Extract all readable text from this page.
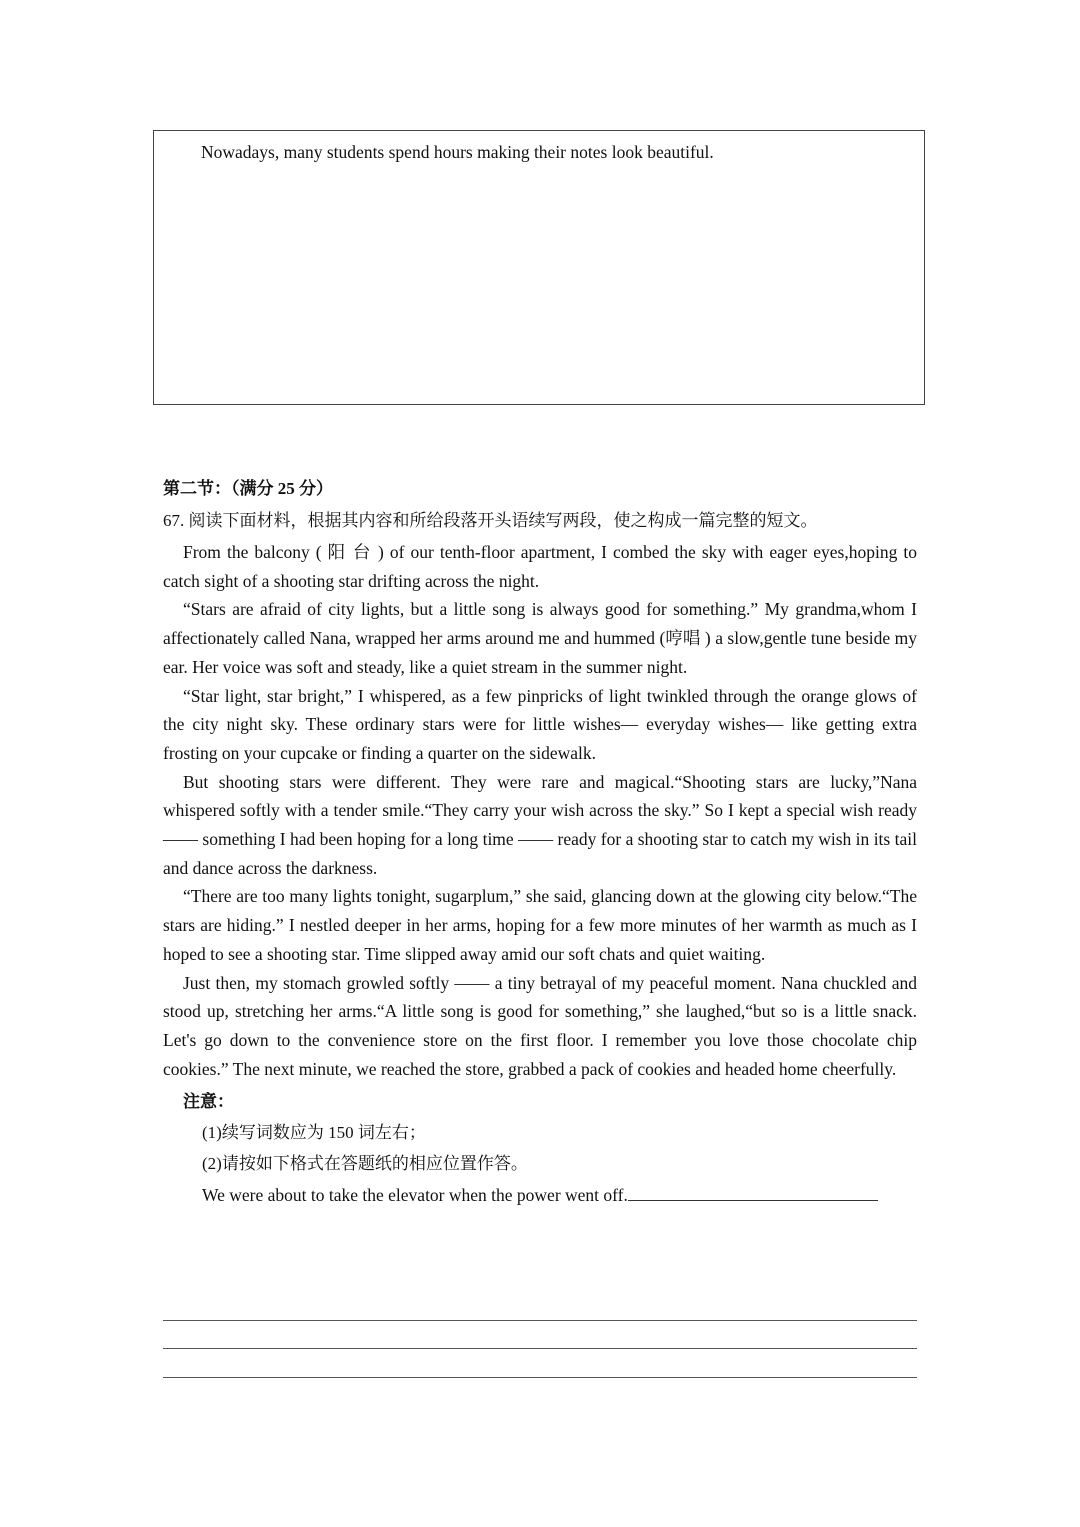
Nowadays, many students spend hours making their notes look beautiful.
第二节：（满分 25 分）
67. 阅读下面材料，根据其内容和所给段落开头语续写两段，使之构成一篇完整的短文。

From the balcony ( 阳 台 ) of our tenth-floor apartment, I combed the sky with eager eyes,hoping to catch sight of a shooting star drifting across the night.

“Stars are afraid of city lights, but a little song is always good for something.” My grandma,whom I affectionately called Nana, wrapped her arms around me and hummed (哼唱 ) a slow,gentle tune beside my ear. Her voice was soft and steady, like a quiet stream in the summer night.

“Star light, star bright,” I whispered, as a few pinpricks of light twinkled through the orange glows of the city night sky. These ordinary stars were for little wishes— everyday wishes— like getting extra frosting on your cupcake or finding a quarter on the sidewalk.

But shooting stars were different. They were rare and magical.“Shooting stars are lucky,”Nana whispered softly with a tender smile.“They carry your wish across the sky.” So I kept a special wish ready —— something I had been hoping for a long time —— ready for a shooting star to catch my wish in its tail and dance across the darkness.

“There are too many lights tonight, sugarplum,” she said, glancing down at the glowing city below.“The stars are hiding.” I nestled deeper in her arms, hoping for a few more minutes of her warmth as much as I hoped to see a shooting star. Time slipped away amid our soft chats and quiet waiting.

Just then, my stomach growled softly —— a tiny betrayal of my peaceful moment. Nana chuckled and stood up, stretching her arms.“A little song is good for something,” she laughed,“but so is a little snack. Let's go down to the convenience store on the first floor. I remember you love those chocolate chip cookies.” The next minute, we reached the store, grabbed a pack of cookies and headed home cheerfully.

注意：
(1)续写词数应为 150 词左右；
(2)请按如下格式在答题纸的相应位置作答。
We were about to take the elevator when the power went off.
